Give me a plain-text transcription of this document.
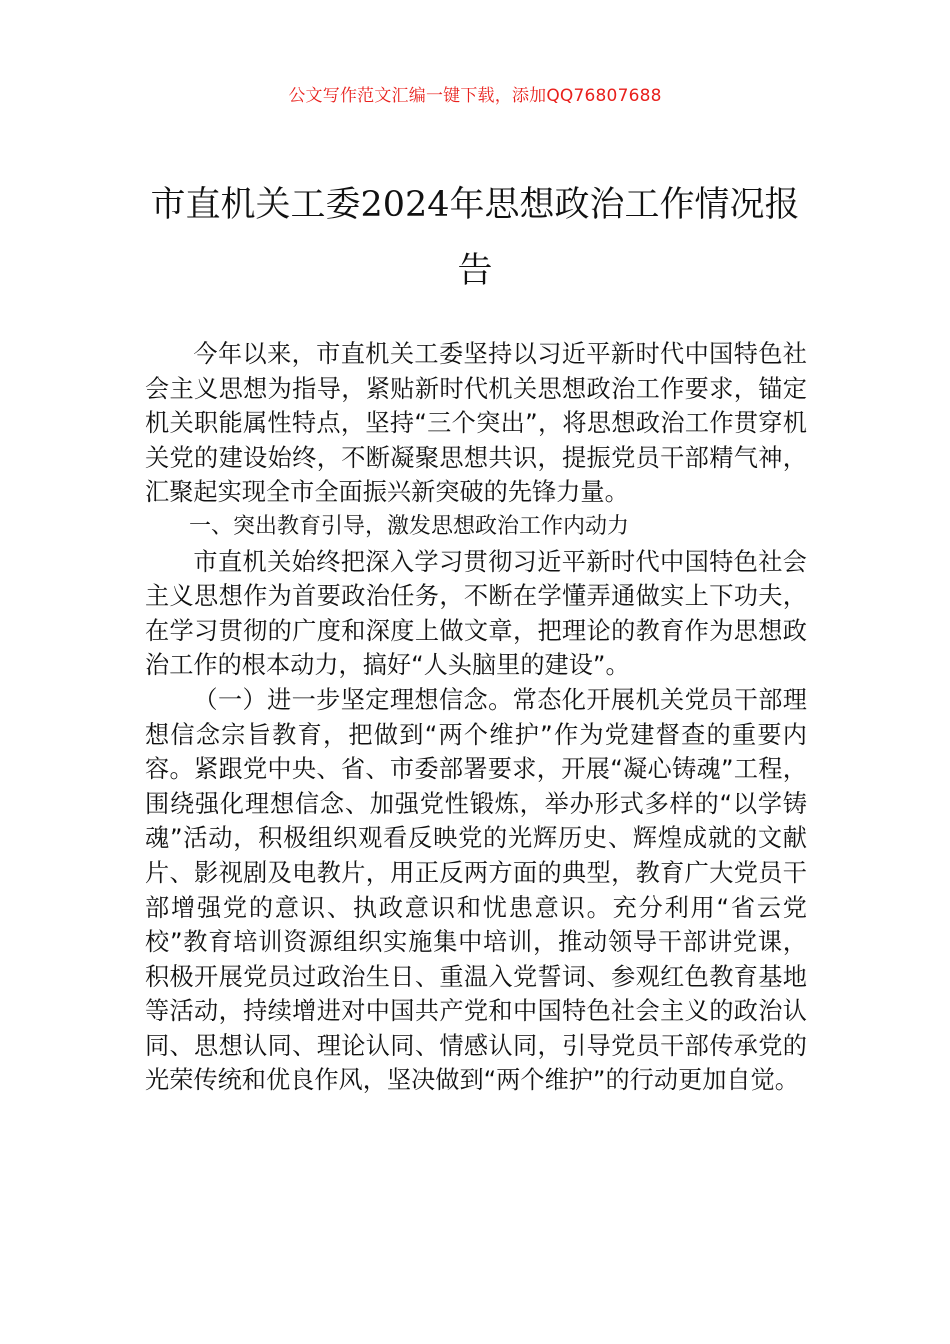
公文写作范文汇编一键下载，添加QQ76807688
市直机关工委2024年思想政治工作情况报告

今年以来，市直机关工委坚持以习近平新时代中国特色社会主义思想为指导，紧贴新时代机关思想政治工作要求，锚定机关职能属性特点，坚持“三个突出”，将思想政治工作贯穿机关党的建设始终，不断凝聚思想共识，提振党员干部精气神，汇聚起实现全市全面振兴新突破的先锋力量。

一、突出教育引导，激发思想政治工作内动力

市直机关始终把深入学习贯彻习近平新时代中国特色社会主义思想作为首要政治任务，不断在学懂弄通做实上下功夫，在学习贯彻的广度和深度上做文章，把理论的教育作为思想政治工作的根本动力，搞好“人头脑里的建设”。

（一）进一步坚定理想信念。常态化开展机关党员干部理想信念宗旨教育，把做到“两个维护”作为党建督查的重要内容。紧跟党中央、省、市委部署要求，开展“凝心铸魂”工程，围绕强化理想信念、加强党性锻炼，举办形式多样的“以学铸魂”活动，积极组织观看反映党的光辉历史、辉煌成就的文献片、影视剧及电教片，用正反两方面的典型，教育广大党员干部增强党的意识、执政意识和忧患意识。充分利用“省云党校”教育培训资源组织实施集中培训，推动领导干部讲党课，积极开展党员过政治生日、重温入党誓词、参观红色教育基地等活动，持续增进对中国共产党和中国特色社会主义的政治认同、思想认同、理论认同、情感认同，引导党员干部传承党的光荣传统和优良作风，坚决做到“两个维护”的行动更加自觉。
